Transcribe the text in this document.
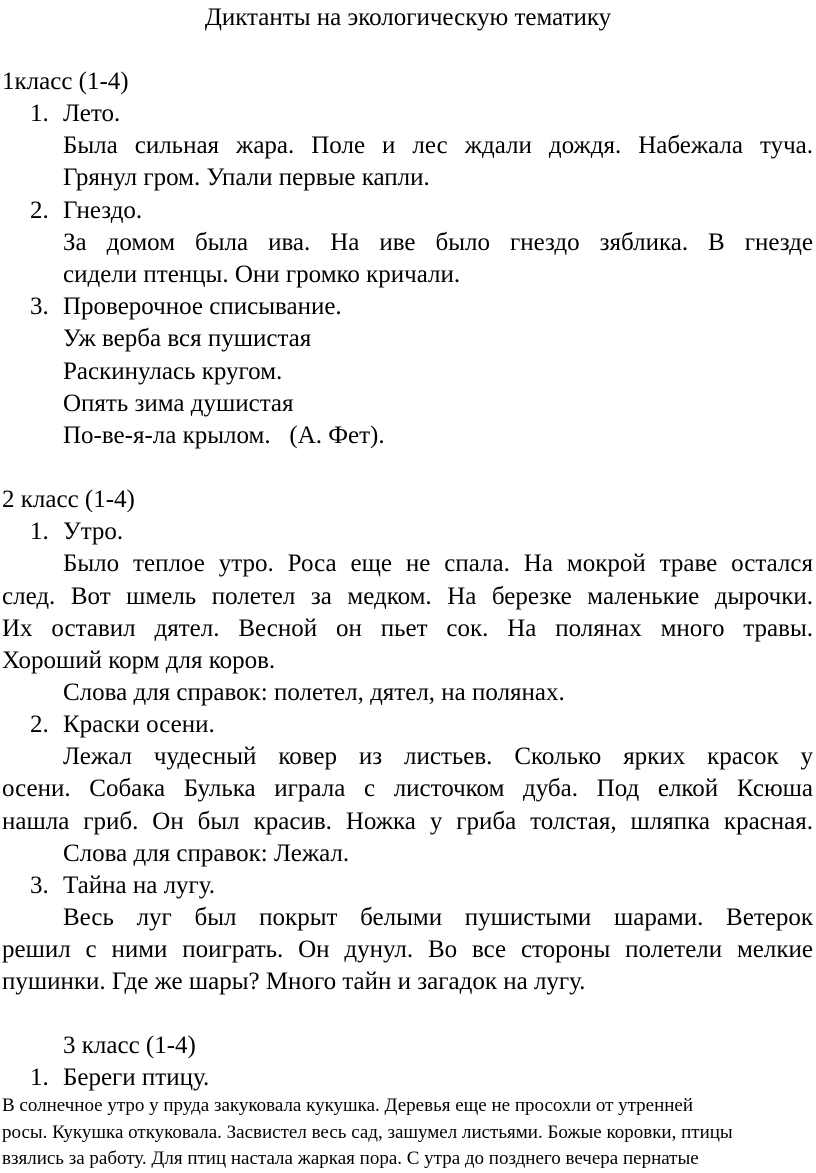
Диктанты на экологическую тематику
1класс (1-4)
1. Лето.
Была сильная жара. Поле и лес ждали дождя. Набежала туча.
Грянул гром. Упали первые капли.
2. Гнездо.
За домом была ива. На иве было гнездо зяблика. В гнезде
сидели птенцы. Они громко кричали.
3. Проверочное списывание.
Уж верба вся пушистая
Раскинулась кругом.
Опять зима душистая
По-ве-я-ла крылом.   (А. Фет).
2 класс (1-4)
1. Утро.
Было теплое утро. Роса еще не спала. На мокрой траве остался
след. Вот шмель полетел за медком. На березке маленькие дырочки.
Их оставил дятел. Весной он пьет сок. На полянах много травы.
Хороший корм для коров.
Слова для справок: полетел, дятел, на полянах.
2. Краски осени.
Лежал чудесный ковер из листьев. Сколько ярких красок у
осени. Собака Булька играла с листочком дуба. Под елкой Ксюша
нашла гриб. Он был красив. Ножка у гриба толстая, шляпка красная.
Слова для справок: Лежал.
3. Тайна на лугу.
Весь луг был покрыт белыми пушистыми шарами. Ветерок
решил с ними поиграть. Он дунул. Во все стороны полетели мелкие
пушинки. Где же шары? Много тайн и загадок на лугу.
3 класс (1-4)
1. Береги птицу.
В солнечное утро у пруда закуковала кукушка. Деревья еще не просохли от утренней
росы. Кукушка откуковала. Засвистел весь сад, зашумел листьями. Божые коровки, птицы
взялись за работу. Для птиц настала жаркая пора. С утра до позднего вечера пернатые
